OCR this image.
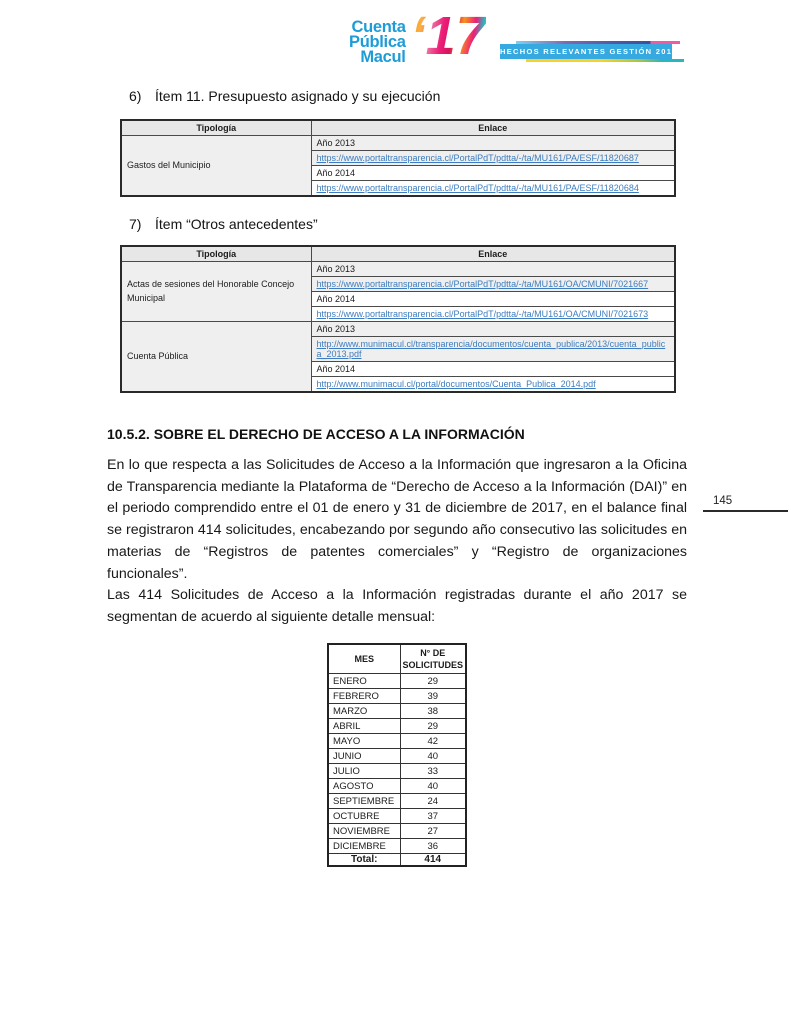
Cuenta
Pública
Macul ‘17 HECHOS RELEVANTES GESTIÓN 2017
6) Ítem 11. Presupuesto asignado y su ejecución
Tipología	Enlace
Gastos del Municipio	Año 2013
	https://www.portaltransparencia.cl/PortalPdT/pdtta/-/ta/MU161/PA/ESF/11820687
	Año 2014
	https://www.portaltransparencia.cl/PortalPdT/pdtta/-/ta/MU161/PA/ESF/11820684
7) Ítem “Otros antecedentes”
Tipología	Enlace
Actas de sesiones del Honorable Concejo Municipal	Año 2013
	https://www.portaltransparencia.cl/PortalPdT/pdtta/-/ta/MU161/OA/CMUNI/7021667
	Año 2014
	https://www.portaltransparencia.cl/PortalPdT/pdtta/-/ta/MU161/OA/CMUNI/7021673
Cuenta Pública	Año 2013
	http://www.munimacul.cl/transparencia/documentos/cuenta_publica/2013/cuenta_publica_2013.pdf
	Año 2014
	http://www.munimacul.cl/portal/documentos/Cuenta_Publica_2014.pdf
10.5.2. SOBRE EL DERECHO DE ACCESO A LA INFORMACIÓN

En lo que respecta a las Solicitudes de Acceso a la Información que ingresaron a la Oficina de Transparencia mediante la Plataforma de “Derecho de Acceso a la Información (DAI)” en el periodo comprendido entre el 01 de enero y 31 de diciembre de 2017, en el balance final se registraron 414 solicitudes, encabezando por segundo año consecutivo las solicitudes en materias de “Registros de patentes comerciales” y “Registro de organizaciones funcionales”.

Las 414 Solicitudes de Acceso a la Información registradas durante el año 2017 se segmentan de acuerdo al siguiente detalle mensual:

145
MES	N° DE SOLICITUDES
ENERO	29
FEBRERO	39
MARZO	38
ABRIL	29
MAYO	42
JUNIO	40
JULIO	33
AGOSTO	40
SEPTIEMBRE	24
OCTUBRE	37
NOVIEMBRE	27
DICIEMBRE	36
Total:	414
